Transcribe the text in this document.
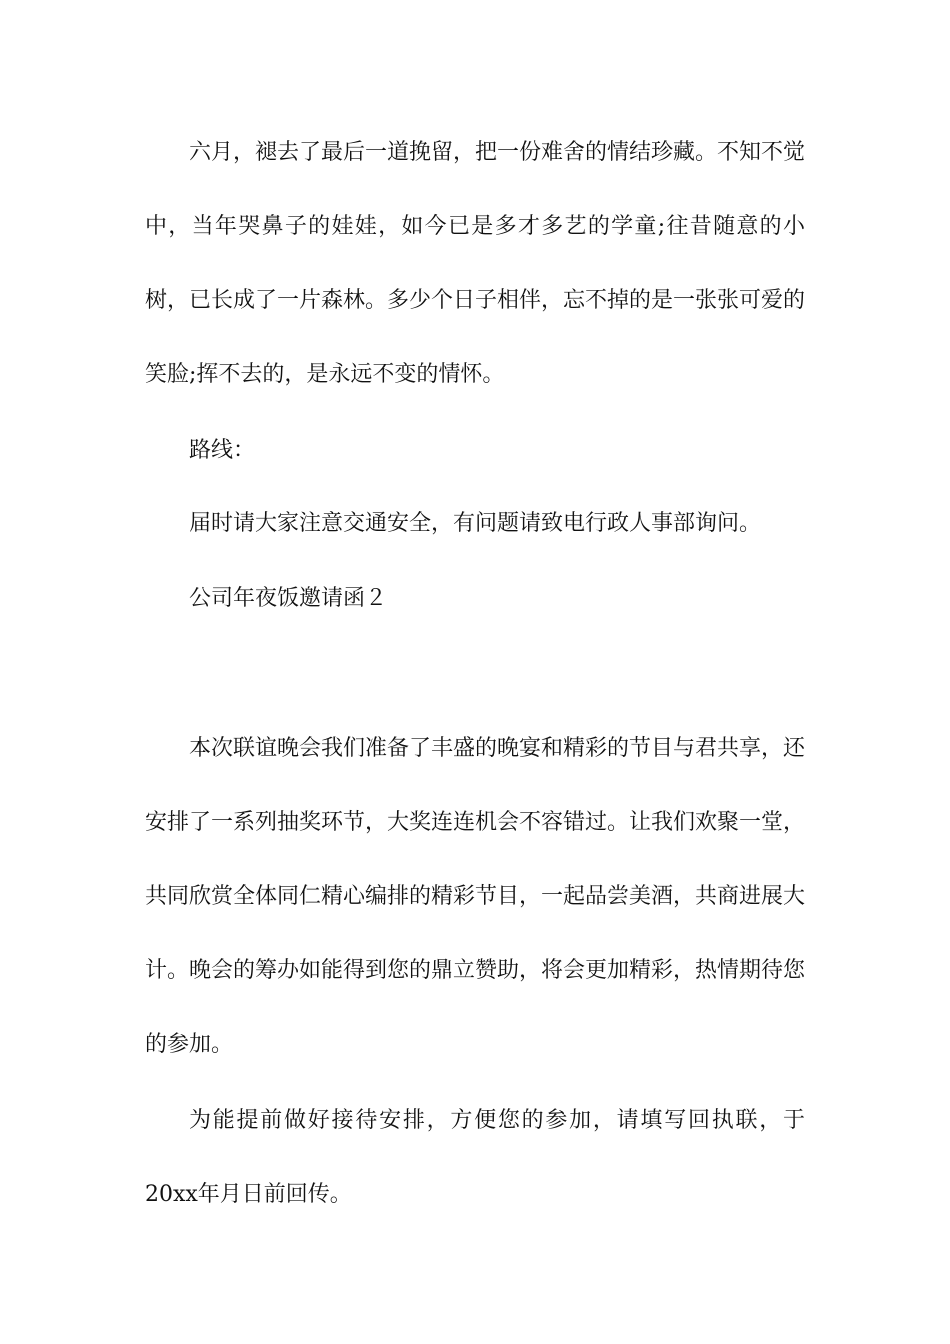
六月，褪去了最后一道挽留，把一份难舍的情结珍藏。不知不觉中，当年哭鼻子的娃娃，如今已是多才多艺的学童;往昔随意的小树，已长成了一片森林。多少个日子相伴，忘不掉的是一张张可爱的笑脸;挥不去的，是永远不变的情怀。

路线：

届时请大家注意交通安全，有问题请致电行政人事部询问。

公司年夜饭邀请函２

本次联谊晚会我们准备了丰盛的晚宴和精彩的节目与君共享，还安排了一系列抽奖环节，大奖连连机会不容错过。让我们欢聚一堂，共同欣赏全体同仁精心编排的精彩节目，一起品尝美酒，共商进展大计。晚会的筹办如能得到您的鼎立赞助，将会更加精彩，热情期待您的参加。

为能提前做好接待安排，方便您的参加，请填写回执联，于20xx年月日前回传。
